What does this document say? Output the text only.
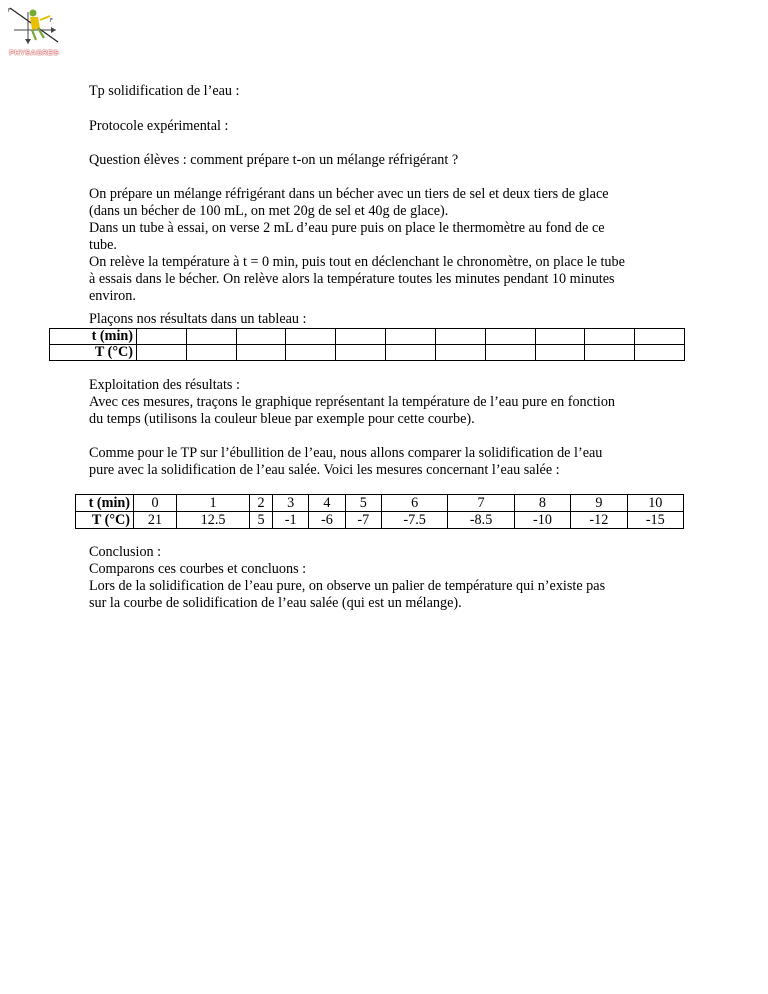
F
F
PHYSAGREG

Tp solidification de l’eau :

Protocole expérimental :

Question élèves : comment prépare t-on un mélange réfrigérant ?

On prépare un mélange réfrigérant dans un bécher avec un tiers de sel et deux tiers de glace
(dans un bécher de 100 mL, on met 20g de sel et 40g de glace).
Dans un tube à essai, on verse 2 mL d’eau pure puis on place le thermomètre au fond de ce
tube.
On relève la température à t = 0 min, puis tout en déclenchant le chronomètre, on place le tube
à essais dans le bécher. On relève alors la température toutes les minutes pendant 10 minutes
environ.

Plaçons nos résultats dans un tableau :

t (min)											
T (°C)											
Exploitation des résultats :
Avec ces mesures, traçons le graphique représentant la température de l’eau pure en fonction
du temps (utilisons la couleur bleue par exemple pour cette courbe).
Comme pour le TP sur l’ébullition de l’eau, nous allons comparer la solidification de l’eau
pure avec la solidification de l’eau salée. Voici les mesures concernant l’eau salée :
t (min)	0	1	2	3	4	5	6	7	8	9	10
T (°C)	21	12.5	5	-1	-6	-7	-7.5	-8.5	-10	-12	-15
Conclusion :
Comparons ces courbes et concluons :
Lors de la solidification de l’eau pure, on observe un palier de température qui n’existe pas
sur la courbe de solidification de l’eau salée (qui est un mélange).
